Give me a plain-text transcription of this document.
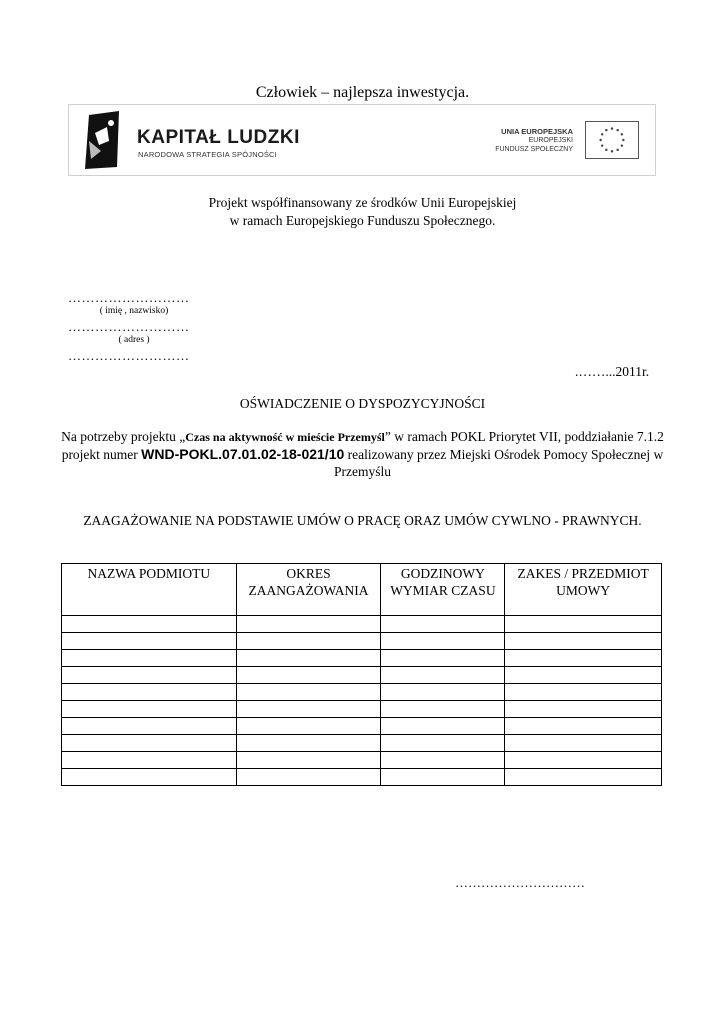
Człowiek – najlepsza inwestycja.
KAPITAŁ LUDZKI
NARODOWA STRATEGIA SPÓJNOŚCI
UNIA EUROPEJSKA
EUROPEJSKI
FUNDUSZ SPOŁECZNY
Projekt współfinansowany ze środków Unii Europejskiej
w ramach Europejskiego Funduszu Społecznego.
………………………
( imię , nazwisko)
………………………
( adres )
………………………
.……...2011r.
OŚWIADCZENIE O DYSPOZYCYJNOŚCI
Na potrzeby projektu „Czas na aktywność w mieście Przemyśl” w ramach POKL Priorytet VII, poddziałanie 7.1.2 projekt numer WND-POKL.07.01.02-18-021/10 realizowany przez Miejski Ośrodek Pomocy Społecznej w Przemyślu
ZAAGAŻOWANIE NA PODSTAWIE UMÓW O PRACĘ ORAZ UMÓW CYWLNO - PRAWNYCH.
NAZWA PODMIOTU	OKRES ZAANGAŻOWANIA	GODZINOWY WYMIAR CZASU	ZAKES / PRZEDMIOT UMOWY

…………………………
